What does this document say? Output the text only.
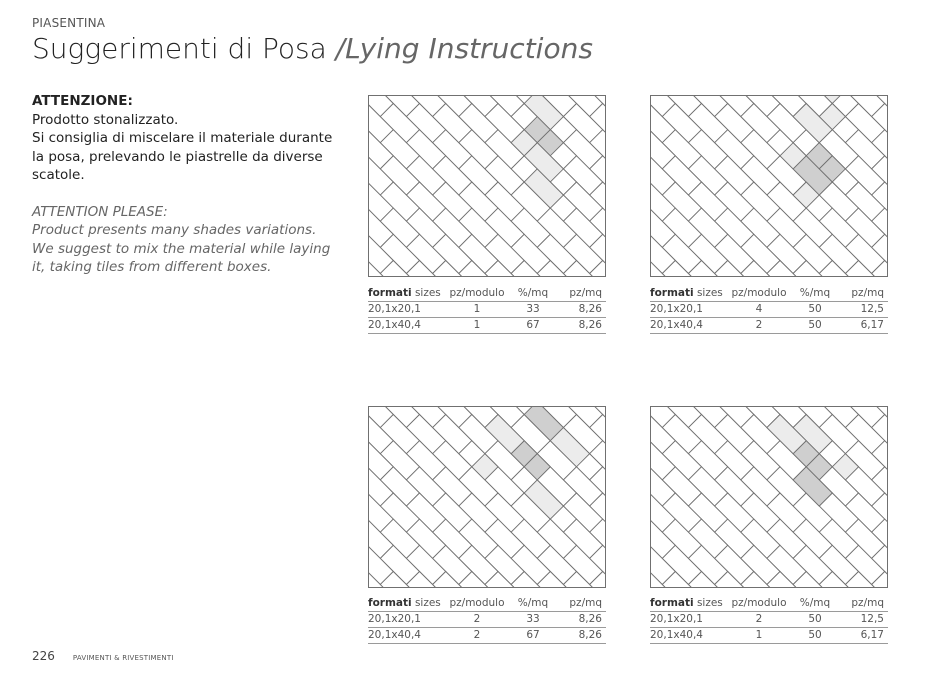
PIASENTINA
Suggerimenti di Posa /Lying Instructions
ATTENZIONE:
Prodotto stonalizzato.
Si consiglia di miscelare il materiale durante
la posa, prelevando le piastrelle da diverse
scatole.
ATTENTION PLEASE:
Product presents many shades variations.
We suggest to mix the material while laying
it, taking tiles from different boxes.
formati sizes pz/modulo	%/mq	pz/mq
20,1x20,1	1	33	8,26
20,1x40,4	1	67	8,26
formati sizes pz/modulo	%/mq	pz/mq
20,1x20,1	4	50	12,5
20,1x40,4	2	50	6,17
formati sizes pz/modulo	%/mq	pz/mq
20,1x20,1	2	33	8,26
20,1x40,4	2	67	8,26
formati sizes pz/modulo	%/mq	pz/mq
20,1x20,1	2	50	12,5
20,1x40,4	1	50	6,17
226	PAVIMENTI & RIVESTIMENTI
